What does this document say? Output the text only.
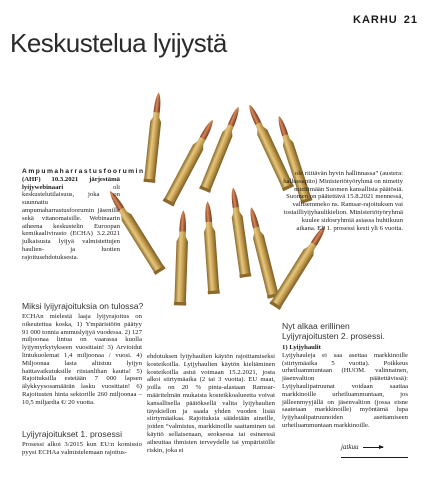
KARHU 21
Keskustelua lyijystä
Ampumaharrastusfoorumin
(AHF) 10.3.2021 järjestämä lyijywebinaari	oli keskustelutilaisuus, joka on suunnattu ampumaharrastusfoorumin jäsenille sekä vitanomaisille. Webinaarin aiheena keskustelin Euroopan kemikaalivirasto (ECHA) 3.2.2021 julkaisusta lyijyä valmistettujen haulien- ja luotien rajoitusehdotuksesta.
ole riittävän hyvin hallinnassa” (austera: hallussapito) Ministeriötyöryhmä on nimetty miettimään Suomen kansallista päätöstä. Suomen on päätettävä 15.8.2021 mennessä, valitsemmeko ns. Ramsar-rajoituksen vai tostailliyijyhaulikielion. Ministeriötyöryhmä kuulee sidosryhmiä asiassa huhtikuun aikana. Eli 1. prosessi kesti yli 6 vuotta.
Miksi lyijyrajoituksia on tulossa?
ECHAn mielestä laaja lyijyrajoitus on oikeutettua koska, 1) Ympäristöön päätyy 91 000 tonnia ammuslyijyä vuodessa. 2) 127 miljoonaa lintua on vaarassa kuolla lyijymyrkytykseen vuosittain! 3) Arvioidut lintukuolemat 1,4 miljoonaa / vuosi. 4) Miljoonaa lasta altistuu lyijyn haittavaikutuksille riistanlihan kautta! 5) Rajoituksilla estetään 7 000 lapsen älykkyysosamäärän lasku vuosittain! 6) Rajoitusten hinta sektorille 260 miljoonaa –10,5 miljardia €/ 20 vuotta.
Lyijyrajoitukset 1. prosessi
Prosessi alkoi 3/2015 kun EU:n komissio pyysi ECHAa valmistelemaan rajoitus-
ehdotuksen lyijyhaulien käytön rajoittamiseksi kosteikoilla. Lyijyhaulien käytön kieltäminen kosteikoilla astui voimaan 15.2.2021, josta alkoi siirtymäaika (2 tai 3 vuotta). EU maat, joilla on 20 % pinta-alastaan Ramsar-määritelmän mukaista kosteikkoalueetta voivat kansallisella päätöksellä valita lyijyhaulien täyskiellon ja saada yhden vuoden lisää siirtymäaikaa. Rajoituksia säädetään aineille, joiden “valmistus, markkinoille saattaminen tai käyttö sellaisenaan, seoksessa tai esineessä aiheuttaa ihmisten terveydelle tai ympäristölle riskin, joka ei
Nyt alkaa erillinen Lyijyrajoitusten 2. prosessi.
1) Lyijyhaulit
Lyijyhauleja ei saa asettaa markkinoille (siirtymäaika 5 vuotta). Poikkeus urheiluammuntaan (HUOM. valinnainen, jäsenvaltion päätettävissä): Lyijyhaulipatruunat voidaan saattaa markkinoille urheiluammuntaan, jos jälleenmyyjällä on jäsenvaltion (jossa eisne saatetaan markkinoille) myöntämä lupa lyijyhaulipatruunoiden asettamiseen urheiluammuntaan markkinoille.
jatkuu
